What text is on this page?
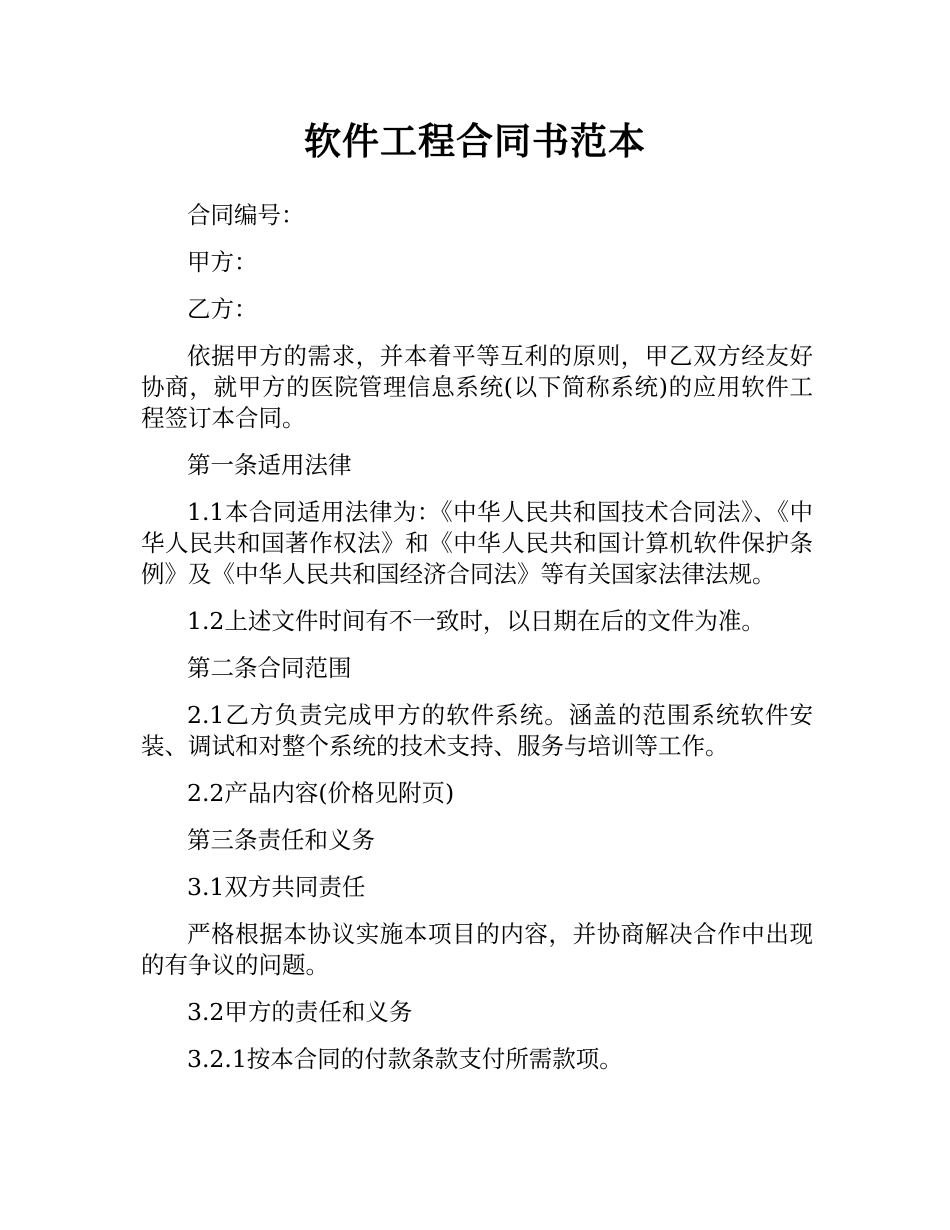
软件工程合同书范本

合同编号：

甲方：

乙方：

依据甲方的需求，并本着平等互利的原则，甲乙双方经友好协商，就甲方的医院管理信息系统(以下简称系统)的应用软件工程签订本合同。

第一条适用法律

1.1本合同适用法律为：《中华人民共和国技术合同法》、《中华人民共和国著作权法》和《中华人民共和国计算机软件保护条例》及《中华人民共和国经济合同法》等有关国家法律法规。

1.2上述文件时间有不一致时，以日期在后的文件为准。

第二条合同范围

2.1乙方负责完成甲方的软件系统。涵盖的范围系统软件安装、调试和对整个系统的技术支持、服务与培训等工作。

2.2产品内容(价格见附页)

第三条责任和义务

3.1双方共同责任

严格根据本协议实施本项目的内容，并协商解决合作中出现的有争议的问题。

3.2甲方的责任和义务

3.2.1按本合同的付款条款支付所需款项。
